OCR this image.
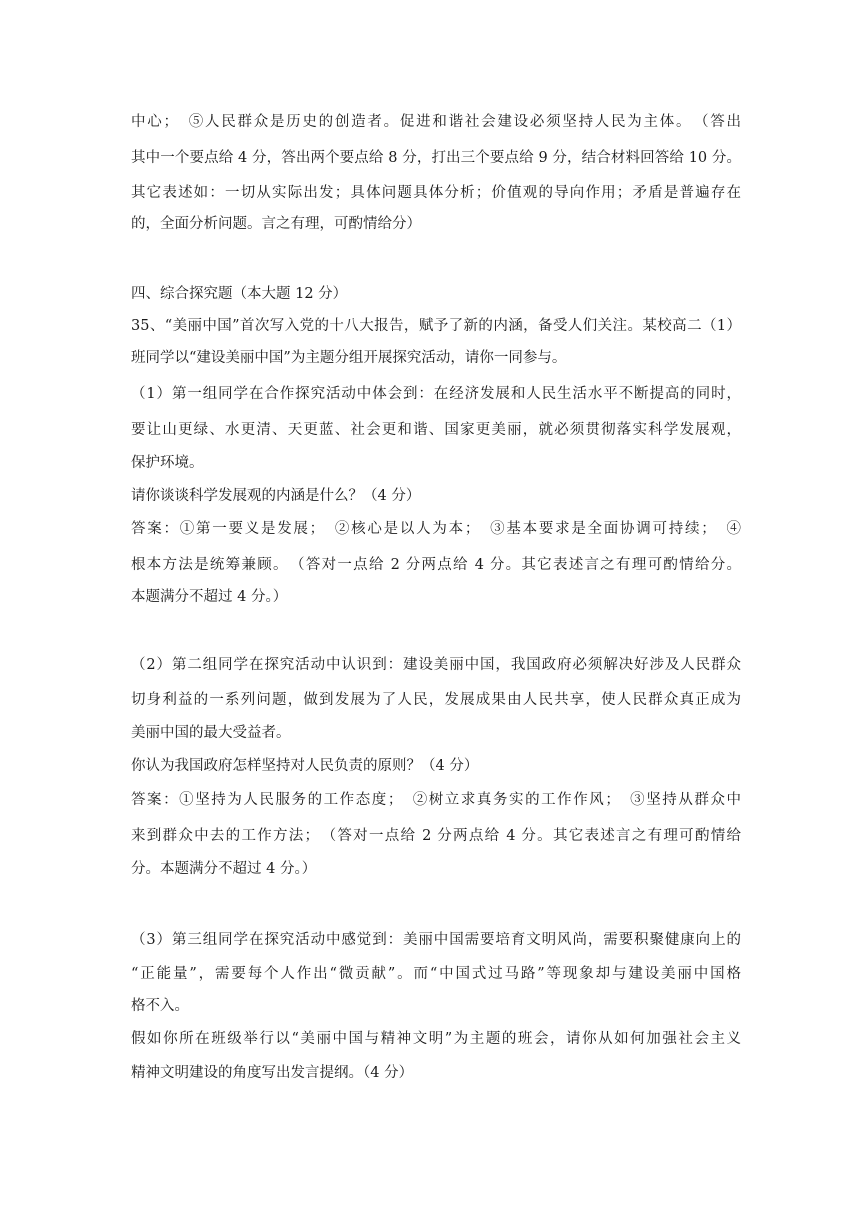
中心；　⑤人民群众是历史的创造者。促进和谐社会建设必须坚持人民为主体。　（答出
其中一个要点给 4 分，答出两个要点给 8 分，打出三个要点给 9 分，结合材料回答给 10 分。
其它表述如：一切从实际出发；具体问题具体分析；价值观的导向作用；矛盾是普遍存在
的，全面分析问题。言之有理，可酌情给分）
四、综合探究题（本大题 12 分）
35、“美丽中国”首次写入党的十八大报告，赋予了新的内涵，备受人们关注。某校高二（1）
班同学以“建设美丽中国”为主题分组开展探究活动，请你一同参与。
（1）第一组同学在合作探究活动中体会到：在经济发展和人民生活水平不断提高的同时，
要让山更绿、水更清、天更蓝、社会更和谐、国家更美丽，就必须贯彻落实科学发展观，
保护环境。
请你谈谈科学发展观的内涵是什么？（4 分）
答案：①第一要义是发展；　②核心是以人为本；　③基本要求是全面协调可持续；　④
根本方法是统筹兼顾。　（答对一点给 2 分两点给 4 分。其它表述言之有理可酌情给分。
本题满分不超过 4 分。）
（2）第二组同学在探究活动中认识到：建设美丽中国，我国政府必须解决好涉及人民群众
切身利益的一系列问题，做到发展为了人民，发展成果由人民共享，使人民群众真正成为
美丽中国的最大受益者。
你认为我国政府怎样坚持对人民负责的原则？（4 分）
答案：①坚持为人民服务的工作态度；　②树立求真务实的工作作风；　③坚持从群众中
来到群众中去的工作方法；　（答对一点给 2 分两点给 4 分。其它表述言之有理可酌情给
分。本题满分不超过 4 分。）
（3）第三组同学在探究活动中感觉到：美丽中国需要培育文明风尚，需要积聚健康向上的
“正能量”，需要每个人作出“微贡献”。而“中国式过马路”等现象却与建设美丽中国格
格不入。
假如你所在班级举行以“美丽中国与精神文明”为主题的班会，请你从如何加强社会主义
精神文明建设的角度写出发言提纲。（4 分）
